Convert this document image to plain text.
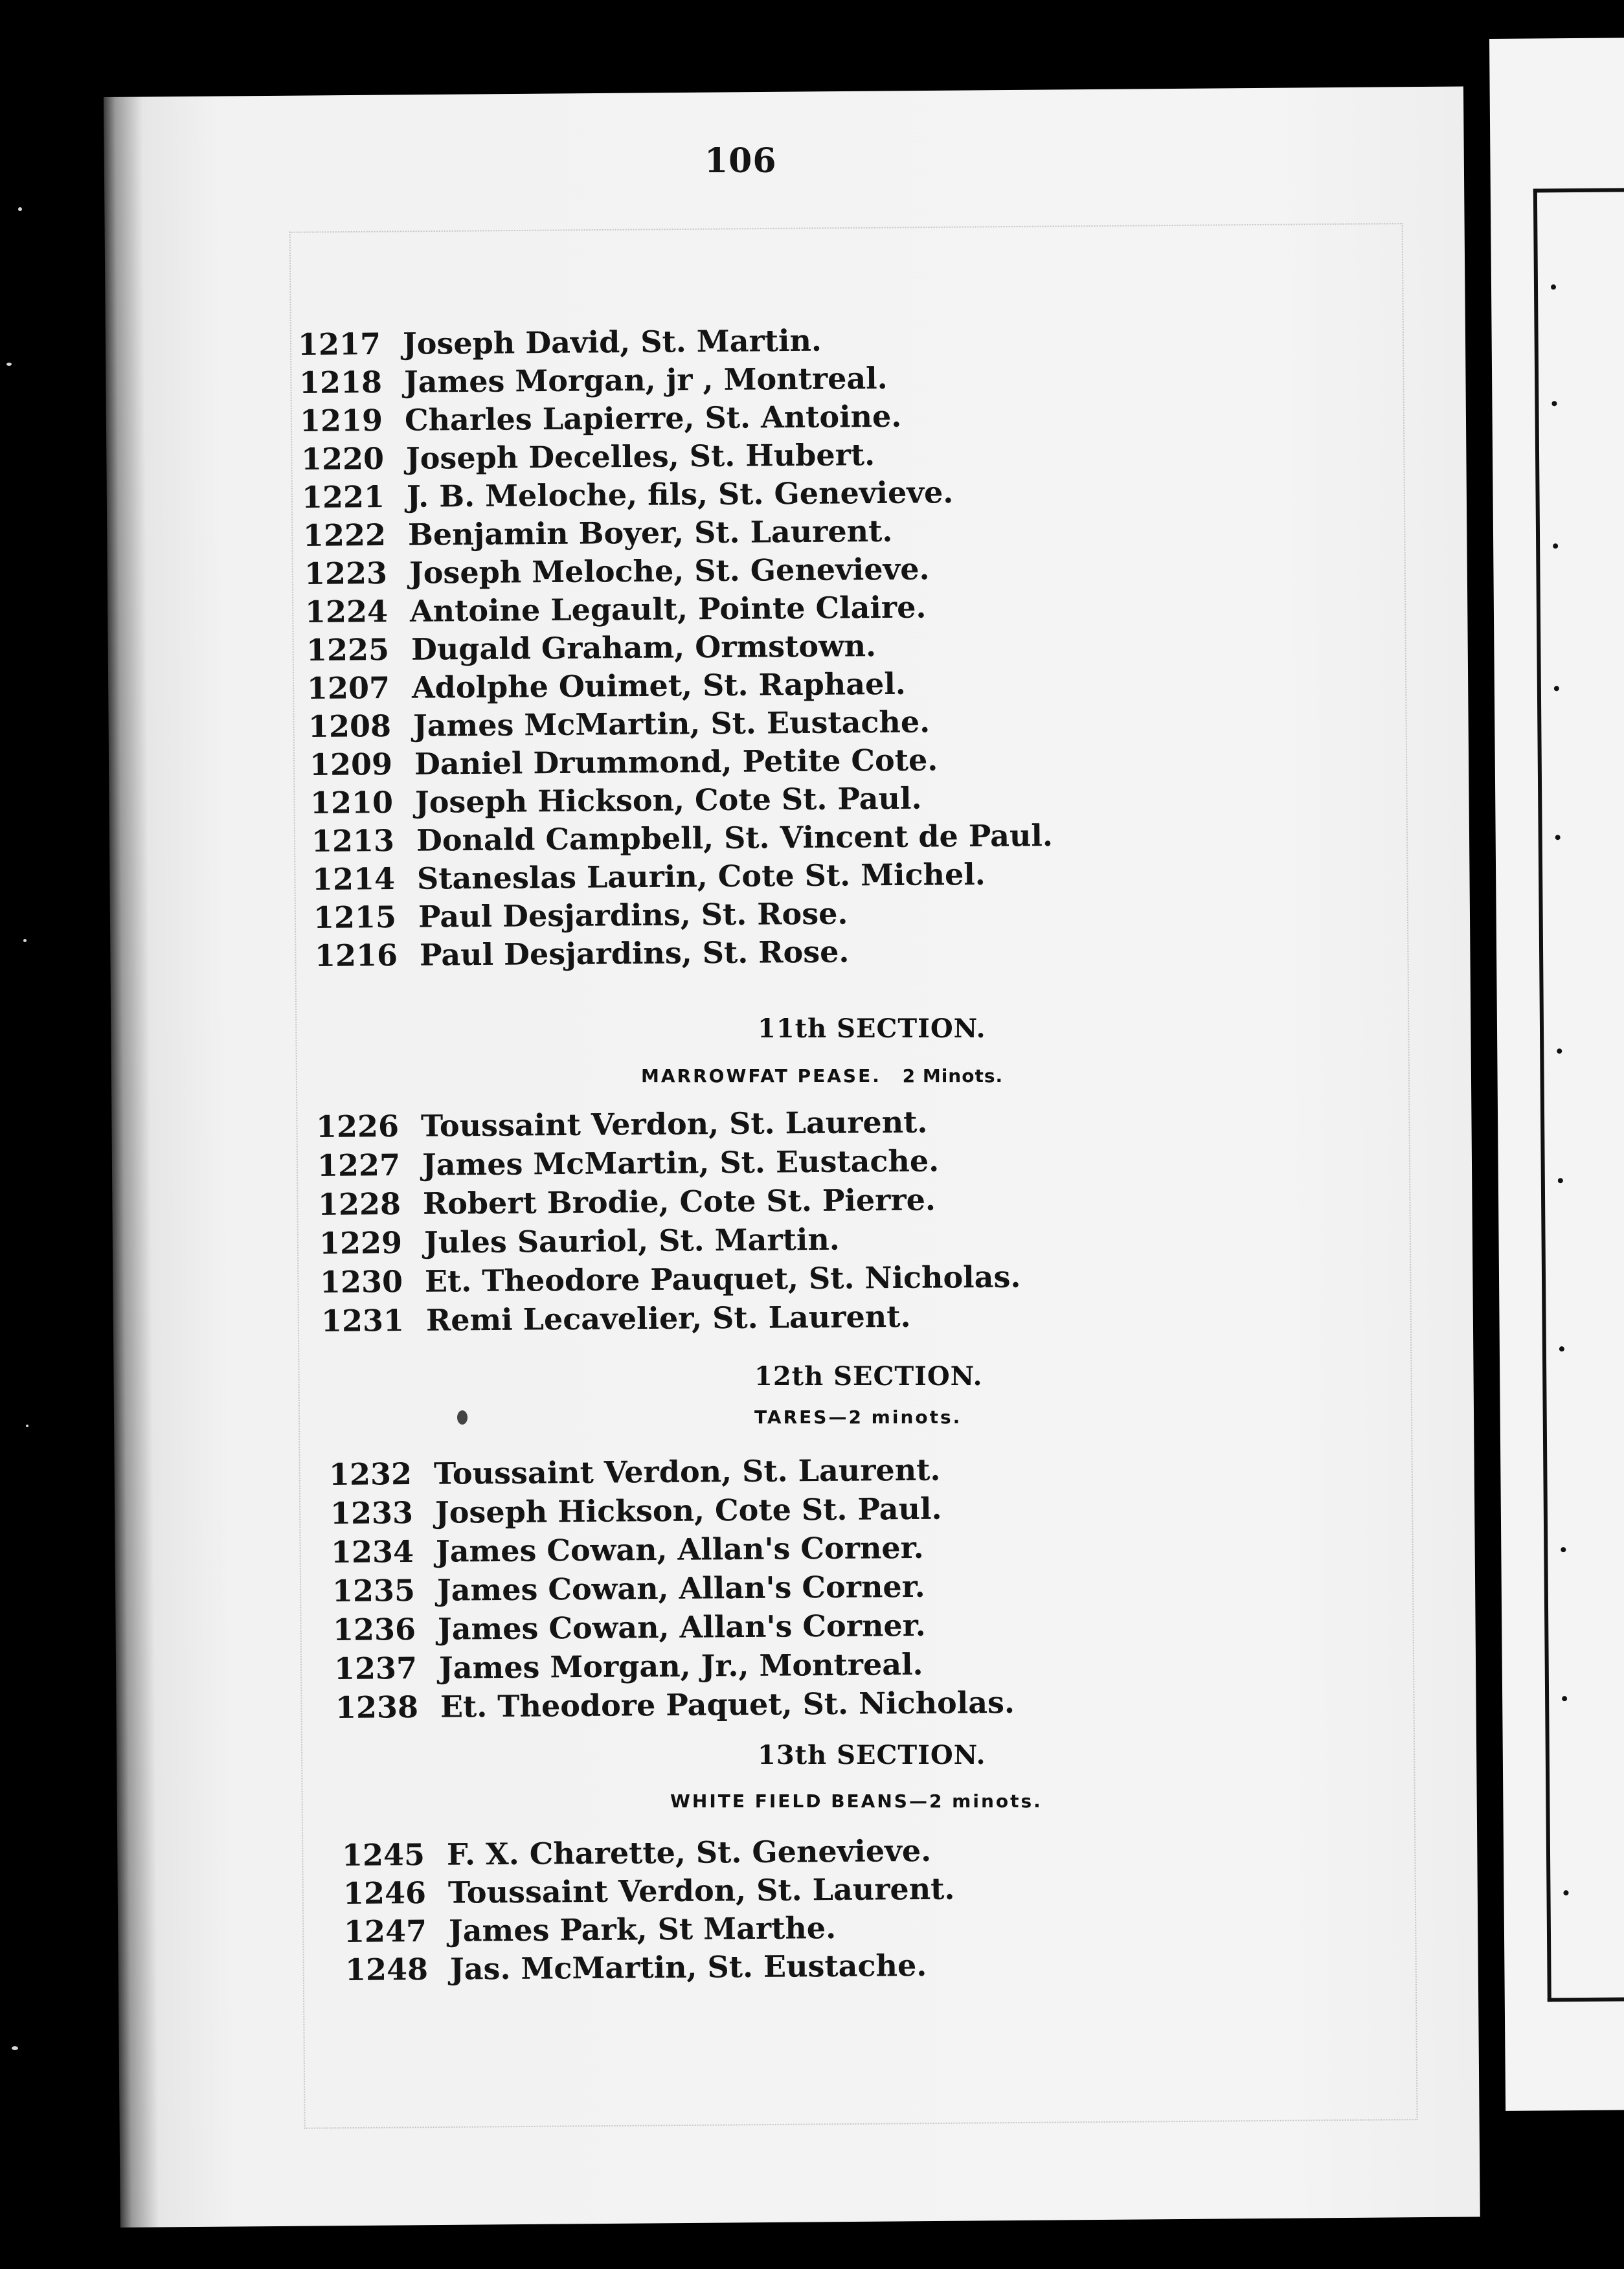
106
1217 Joseph David, St. Martin.
1218 James Morgan, jr , Montreal.
1219 Charles Lapierre, St. Antoine.
1220 Joseph Decelles, St. Hubert.
1221 J. B. Meloche, fils, St. Genevieve.
1222 Benjamin Boyer, St. Laurent.
1223 Joseph Meloche, St. Genevieve.
1224 Antoine Legault, Pointe Claire.
1225 Dugald Graham, Ormstown.
1207 Adolphe Ouimet, St. Raphael.
1208 James McMartin, St. Eustache.
1209 Daniel Drummond, Petite Cote.
1210 Joseph Hickson, Cote St. Paul.
1213 Donald Campbell, St. Vincent de Paul.
1214 Staneslas Laurin, Cote St. Michel.
1215 Paul Desjardins, St. Rose.
1216 Paul Desjardins, St. Rose.
11th SECTION.
MARROWFAT PEASE. 2 Minots.
1226 Toussaint Verdon, St. Laurent.
1227 James McMartin, St. Eustache.
1228 Robert Brodie, Cote St. Pierre.
1229 Jules Sauriol, St. Martin.
1230 Et. Theodore Pauquet, St. Nicholas.
1231 Remi Lecavelier, St. Laurent.
12th SECTION.
TARES—2 minots.
1232 Toussaint Verdon, St. Laurent.
1233 Joseph Hickson, Cote St. Paul.
1234 James Cowan, Allan's Corner.
1235 James Cowan, Allan's Corner.
1236 James Cowan, Allan's Corner.
1237 James Morgan, Jr., Montreal.
1238 Et. Theodore Paquet, St. Nicholas.
13th SECTION.
WHITE FIELD BEANS—2 minots.
1245 F. X. Charette, St. Genevieve.
1246 Toussaint Verdon, St. Laurent.
1247 James Park, St Marthe.
1248 Jas. McMartin, St. Eustache.
